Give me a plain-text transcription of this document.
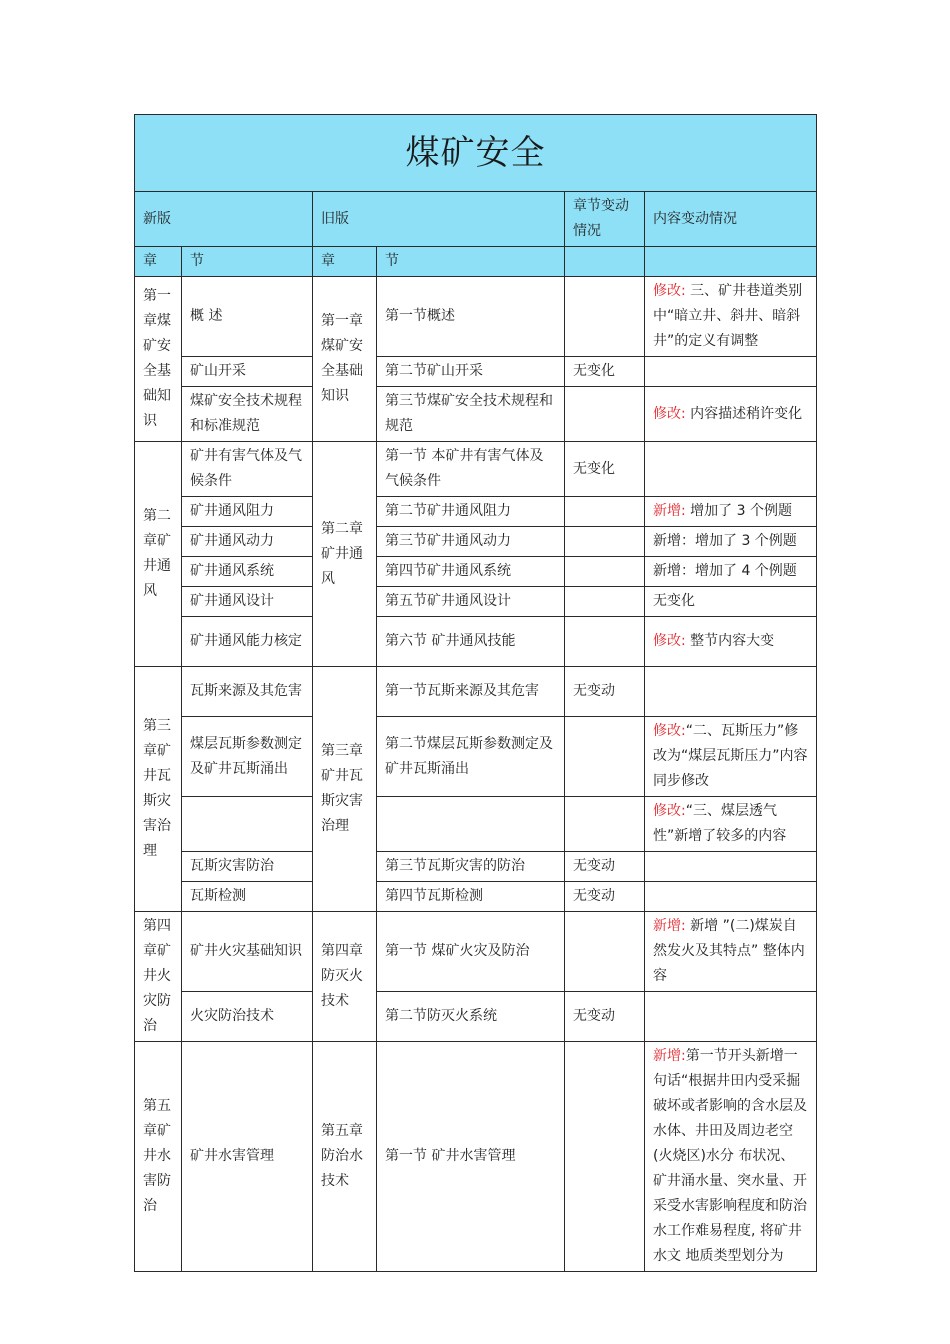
煤矿安全					
新版		旧版		章节变动情况	内容变动情况
章	节	章	节		
第一章煤矿安全基础知识	概 述	第一章煤矿安全基础知识	第一节概述		修改: 三、矿井巷道类别中“暗立井、斜井、暗斜井”的定义有调整
	矿山开采		第二节矿山开采	无变化	
	煤矿安全技术规程和标准规范		第三节煤矿安全技术规程和规范		修改: 内容描述稍许变化
第二章矿井通风	矿井有害气体及气候条件	第二章矿井通风	第一节 本矿井有害气体及气候条件	无变化	
	矿井通风阻力		第二节矿井通风阻力		新增: 增加了 3 个例题
	矿井通风动力		第三节矿井通风动力		新增：增加了 3 个例题
	矿井通风系统		第四节矿井通风系统		新增：增加了 4 个例题
	矿井通风设计		第五节矿井通风设计		无变化
	矿井通风能力核定		第六节 矿井通风技能		修改: 整节内容大变
第三章矿井瓦斯灾害治理	瓦斯来源及其危害	第三章矿井瓦斯灾害治理	第一节瓦斯来源及其危害	无变动	
	煤层瓦斯参数测定及矿井瓦斯涌出		第二节煤层瓦斯参数测定及矿井瓦斯涌出		修改:“二、瓦斯压力”修改为“煤层瓦斯压力”内容同步修改
					修改:“三、煤层透气性”新增了较多的内容
	瓦斯灾害防治		第三节瓦斯灾害的防治	无变动	
	瓦斯检测		第四节瓦斯检测	无变动	
第四章矿井火灾防治	矿井火灾基础知识	第四章防灭火技术	第一节 煤矿火灾及防治		新增: 新增 ”(二)煤炭自然发火及其特点” 整体内容
	火灾防治技术		第二节防灭火系统	无变动	
第五章矿井水害防治	矿井水害管理	第五章防治水技术	第一节 矿井水害管理		新增:第一节开头新增一句话“根据井田内受采掘破坏或者影响的含水层及水体、井田及周边老空(火烧区)水分 布状况、矿井涌水量、突水量、开采受水害影响程度和防治水工作难易程度, 将矿井水文 地质类型划分为
